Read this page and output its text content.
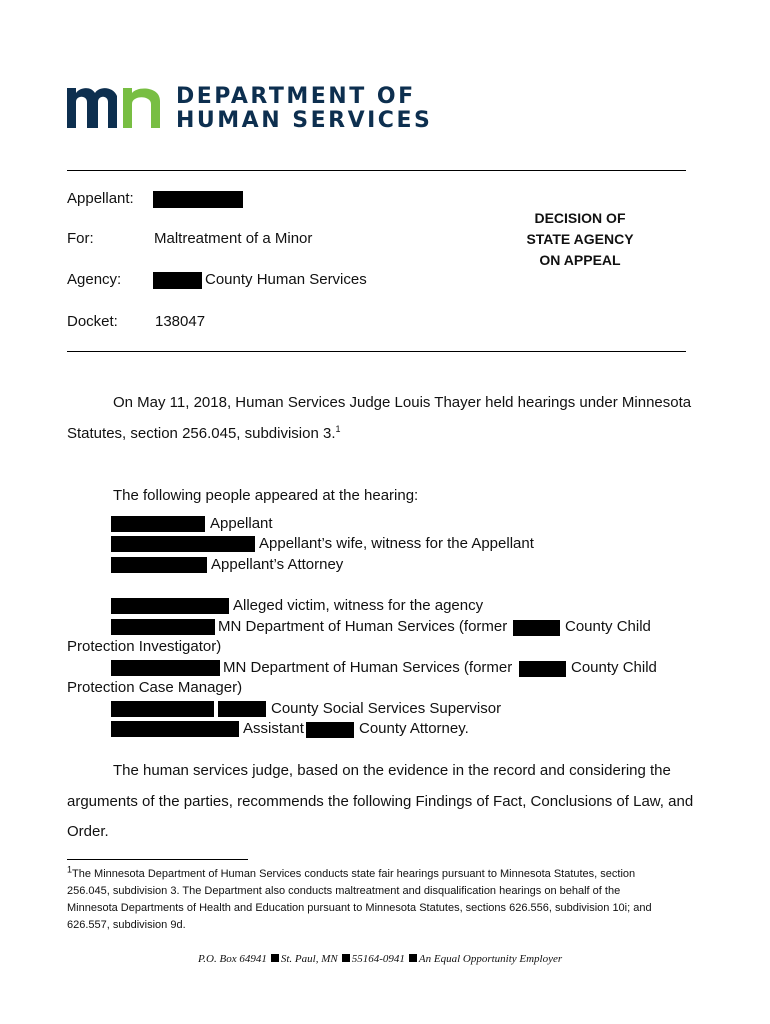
DEPARTMENT OF
HUMAN SERVICES
Appellant:
For:	Maltreatment of a Minor
Agency:	County Human Services
Docket: 138047
DECISION OF
STATE AGENCY
ON APPEAL
On May 11, 2018, Human Services Judge Louis Thayer held hearings under Minnesota
Statutes, section 256.045, subdivision 3.$^1$
The following people appeared at the hearing:
Appellant
Appellant’s wife, witness for the Appellant
Appellant’s Attorney
Alleged victim, witness for the agency
MN Department of Human Services (former	County Child
Protection Investigator)
MN Department of Human Services (former	County Child
Protection Case Manager)
County Social Services Supervisor
Assistant	County Attorney.
The human services judge, based on the evidence in the record and considering the
arguments of the parties, recommends the following Findings of Fact, Conclusions of Law, and
Order.
$^1$The Minnesota Department of Human Services conducts state fair hearings pursuant to Minnesota Statutes, section
256.045, subdivision 3. The Department also conducts maltreatment and disqualification hearings on behalf of the
Minnesota Departments of Health and Education pursuant to Minnesota Statutes, sections 626.556, subdivision 10i; and
626.557, subdivision 9d.
P.O. Box 64941 St. Paul, MN 55164-0941 An Equal Opportunity Employer
